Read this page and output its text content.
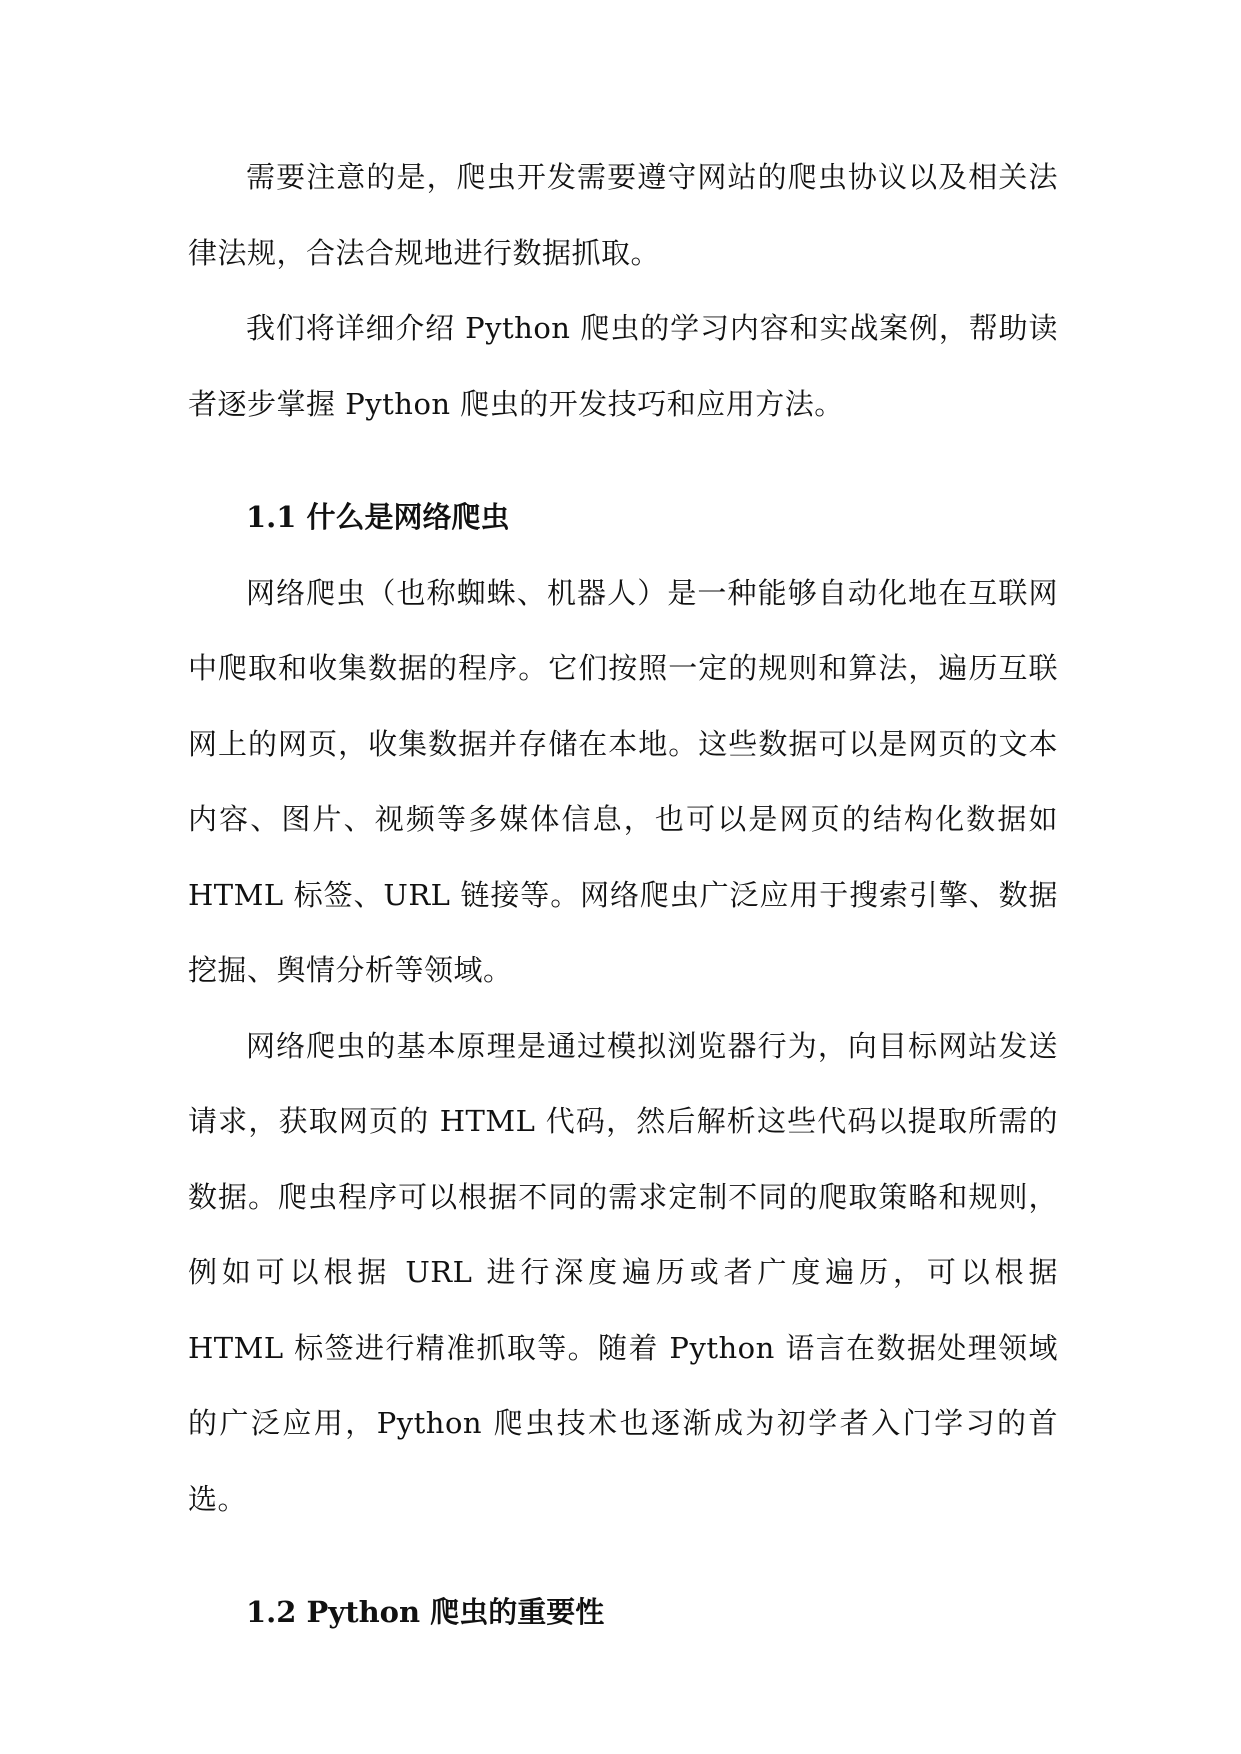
需要注意的是，爬虫开发需要遵守网站的爬虫协议以及相关法律法规，合法合规地进行数据抓取。

我们将详细介绍 Python 爬虫的学习内容和实战案例，帮助读者逐步掌握 Python 爬虫的开发技巧和应用方法。

1.1 什么是网络爬虫

网络爬虫（也称蜘蛛、机器人）是一种能够自动化地在互联网中爬取和收集数据的程序。它们按照一定的规则和算法，遍历互联网上的网页，收集数据并存储在本地。这些数据可以是网页的文本内容、图片、视频等多媒体信息，也可以是网页的结构化数据如 HTML 标签、URL 链接等。网络爬虫广泛应用于搜索引擎、数据挖掘、舆情分析等领域。

网络爬虫的基本原理是通过模拟浏览器行为，向目标网站发送请求，获取网页的 HTML 代码，然后解析这些代码以提取所需的数据。爬虫程序可以根据不同的需求定制不同的爬取策略和规则，例如可以根据 URL 进行深度遍历或者广度遍历，可以根据 HTML 标签进行精准抓取等。随着 Python 语言在数据处理领域的广泛应用，Python 爬虫技术也逐渐成为初学者入门学习的首选。

1.2 Python 爬虫的重要性
